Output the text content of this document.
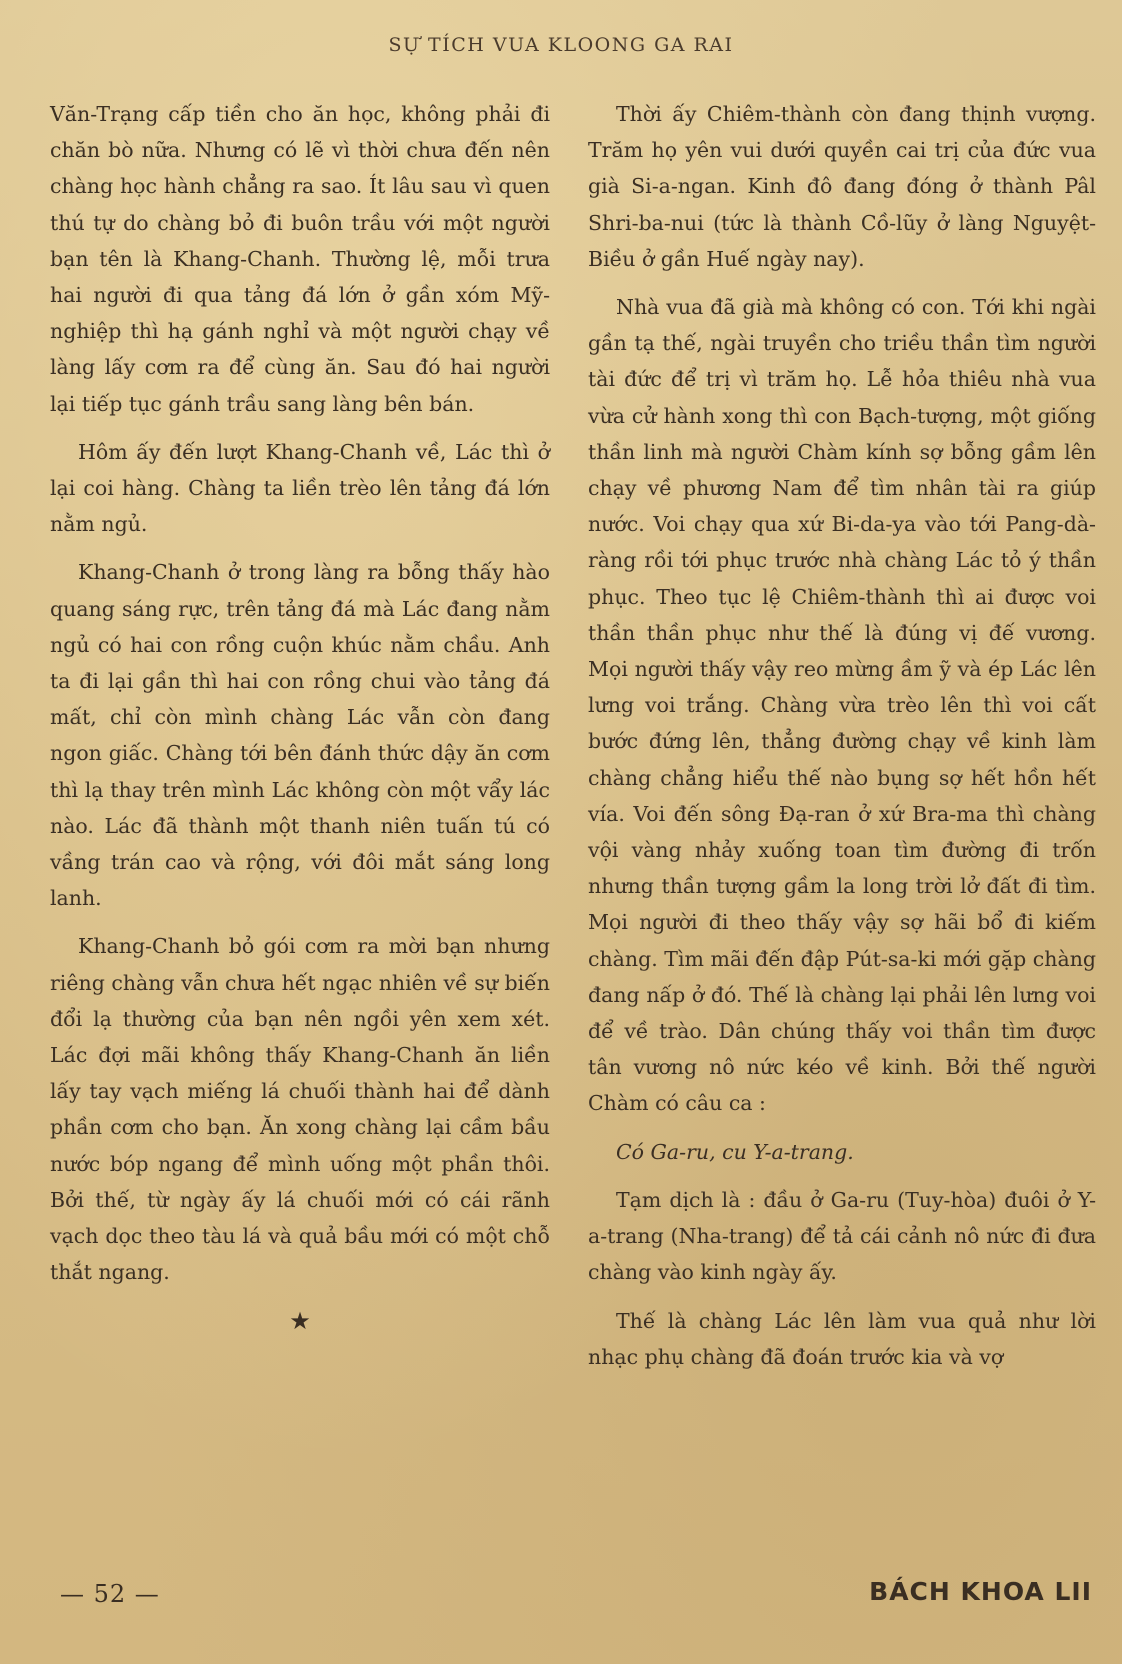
SỰ TÍCH VUA KLOONG GA RAI

Văn-Trạng cấp tiền cho ăn học, không phải đi chăn bò nữa. Nhưng có lẽ vì thời chưa đến nên chàng học hành chẳng ra sao. Ít lâu sau vì quen thú tự do chàng bỏ đi buôn trầu với một người bạn tên là Khang-Chanh. Thường lệ, mỗi trưa hai người đi qua tảng đá lớn ở gần xóm Mỹ-nghiệp thì hạ gánh nghỉ và một người chạy về làng lấy cơm ra để cùng ăn. Sau đó hai người lại tiếp tục gánh trầu sang làng bên bán.

Hôm ấy đến lượt Khang-Chanh về, Lác thì ở lại coi hàng. Chàng ta liền trèo lên tảng đá lớn nằm ngủ.

Khang-Chanh ở trong làng ra bỗng thấy hào quang sáng rực, trên tảng đá mà Lác đang nằm ngủ có hai con rồng cuộn khúc nằm chầu. Anh ta đi lại gần thì hai con rồng chui vào tảng đá mất, chỉ còn mình chàng Lác vẫn còn đang ngon giấc. Chàng tới bên đánh thức dậy ăn cơm thì lạ thay trên mình Lác không còn một vẩy lác nào. Lác đã thành một thanh niên tuấn tú có vầng trán cao và rộng, với đôi mắt sáng long lanh.

Khang-Chanh bỏ gói cơm ra mời bạn nhưng riêng chàng vẫn chưa hết ngạc nhiên về sự biến đổi lạ thường của bạn nên ngồi yên xem xét. Lác đợi mãi không thấy Khang-Chanh ăn liền lấy tay vạch miếng lá chuối thành hai để dành phần cơm cho bạn. Ăn xong chàng lại cầm bầu nước bóp ngang để mình uống một phần thôi. Bởi thế, từ ngày ấy lá chuối mới có cái rãnh vạch dọc theo tàu lá và quả bầu mới có một chỗ thắt ngang.

★

Thời ấy Chiêm-thành còn đang thịnh vượng. Trăm họ yên vui dưới quyền cai trị của đức vua già Si-a-ngan. Kinh đô đang đóng ở thành Pâl Shri-ba-nui (tức là thành Cồ-lũy ở làng Nguyệt-Biều ở gần Huế ngày nay).

Nhà vua đã già mà không có con. Tới khi ngài gần tạ thế, ngài truyền cho triều thần tìm người tài đức để trị vì trăm họ. Lễ hỏa thiêu nhà vua vừa cử hành xong thì con Bạch-tượng, một giống thần linh mà người Chàm kính sợ bỗng gầm lên chạy về phương Nam để tìm nhân tài ra giúp nước. Voi chạy qua xứ Bi-da-ya vào tới Pang-dà-ràng rồi tới phục trước nhà chàng Lác tỏ ý thần phục. Theo tục lệ Chiêm-thành thì ai được voi thần thần phục như thế là đúng vị đế vương. Mọi người thấy vậy reo mừng ầm ỹ và ép Lác lên lưng voi trắng. Chàng vừa trèo lên thì voi cất bước đứng lên, thẳng đường chạy về kinh làm chàng chẳng hiểu thế nào bụng sợ hết hồn hết vía. Voi đến sông Đạ-ran ở xứ Bra-ma thì chàng vội vàng nhảy xuống toan tìm đường đi trốn nhưng thần tượng gầm la long trời lở đất đi tìm. Mọi người đi theo thấy vậy sợ hãi bổ đi kiếm chàng. Tìm mãi đến đập Pút-sa-ki mới gặp chàng đang nấp ở đó. Thế là chàng lại phải lên lưng voi để về trào. Dân chúng thấy voi thần tìm được tân vương nô nức kéo về kinh. Bởi thế người Chàm có câu ca :

Có Ga-ru, cu Y-a-trang.

Tạm dịch là : đầu ở Ga-ru (Tuy-hòa) đuôi ở Y-a-trang (Nha-trang) để tả cái cảnh nô nức đi đưa chàng vào kinh ngày ấy.

Thế là chàng Lác lên làm vua quả như lời nhạc phụ chàng đã đoán trước kia và vợ

— 52 —	BÁCH KHOA LII
